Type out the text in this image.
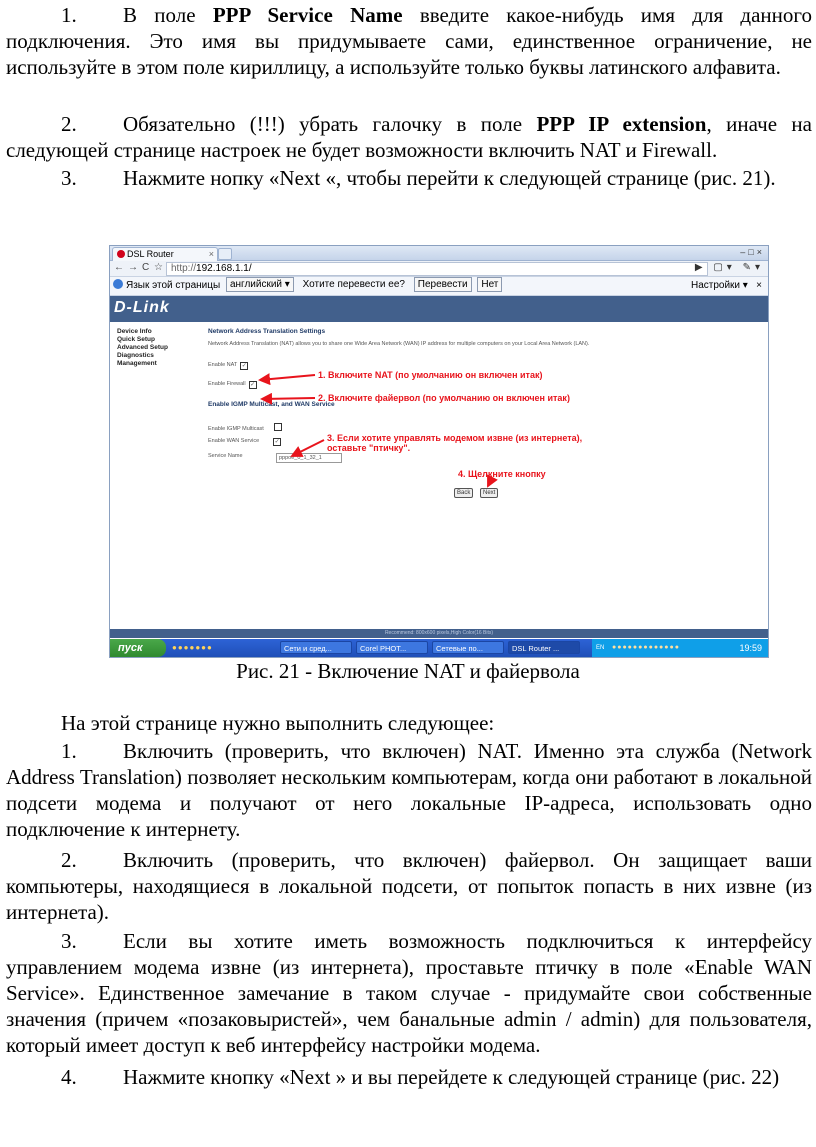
1. В поле PPP Service Name введите какое-нибудь имя для данного подключения. Это имя вы придумываете сами, единственное ограничение, не используйте в этом поле кириллицу, а используйте только буквы латинского алфавита.
2. Обязательно (!!!) убрать галочку в поле PPP IP extension, иначе на следующей странице настроек не будет возможности включить NAT и Firewall.
3. Нажмите нопку «Next «, чтобы перейти к следующей странице (рис. 21).
DSL Router	×	–□×
← → C ☆ http://192.168.1.1/	▶ ▢▾ ✎▾
Язык этой страницы английский ▾ Хотите перевести ее? Перевести Нет	Настройки ▾   ×
D-Link
Device Info
Quick Setup
Advanced Setup
Diagnostics
Management
Network Address Translation Settings
Network Address Translation (NAT) allows you to share one Wide Area Network (WAN) IP address for multiple computers on your Local Area Network (LAN).
Enable NAT ✓
Enable Firewall ✓
Enable IGMP Multicast, and WAN Service
Enable IGMP Multicast
Enable WAN Service	✓
Service Name	pppoe_0_1_32_1
Back	Next
1. Включите NAT (по умолчанию он включен итак)
2. Включите файервол (по умолчанию он включен итак)
3. Если хотите управлять модемом извне (из интернета),
оставьте "птичку".
4. Щелкните кнопку
Recommend: 800x600 pixels,High Color(16 Bits)
пуск	●●●●●●●	Сети и сред...	Corel PHOT...	Сетевые по...	DSL Router ...	EN ●●●●●●●●●●●●●	19:59
Рис. 21 - Включение NAT и файервола
На этой странице нужно выполнить следующее:
1. Включить (проверить, что включен) NAT. Именно эта служба (Network Address Translation) позволяет нескольким компьютерам, когда они работают в локальной подсети модема и получают от него локальные IP-адреса, использовать одно подключение к интернету.
2. Включить (проверить, что включен) файервол. Он защищает ваши компьютеры, находящиеся в локальной подсети, от попыток попасть в них извне (из интернета).
3. Если вы хотите иметь возможность подключиться к интерфейсу управлением модема извне (из интернета), проставьте птичку в поле «Enable WAN Service». Единственное замечание в таком случае - придумайте свои собственные значения (причем «позаковыристей», чем банальные admin / admin) для пользователя, который имеет доступ к веб интерфейсу настройки модема.
4. Нажмите кнопку «Next » и вы перейдете к следующей странице (рис. 22)
